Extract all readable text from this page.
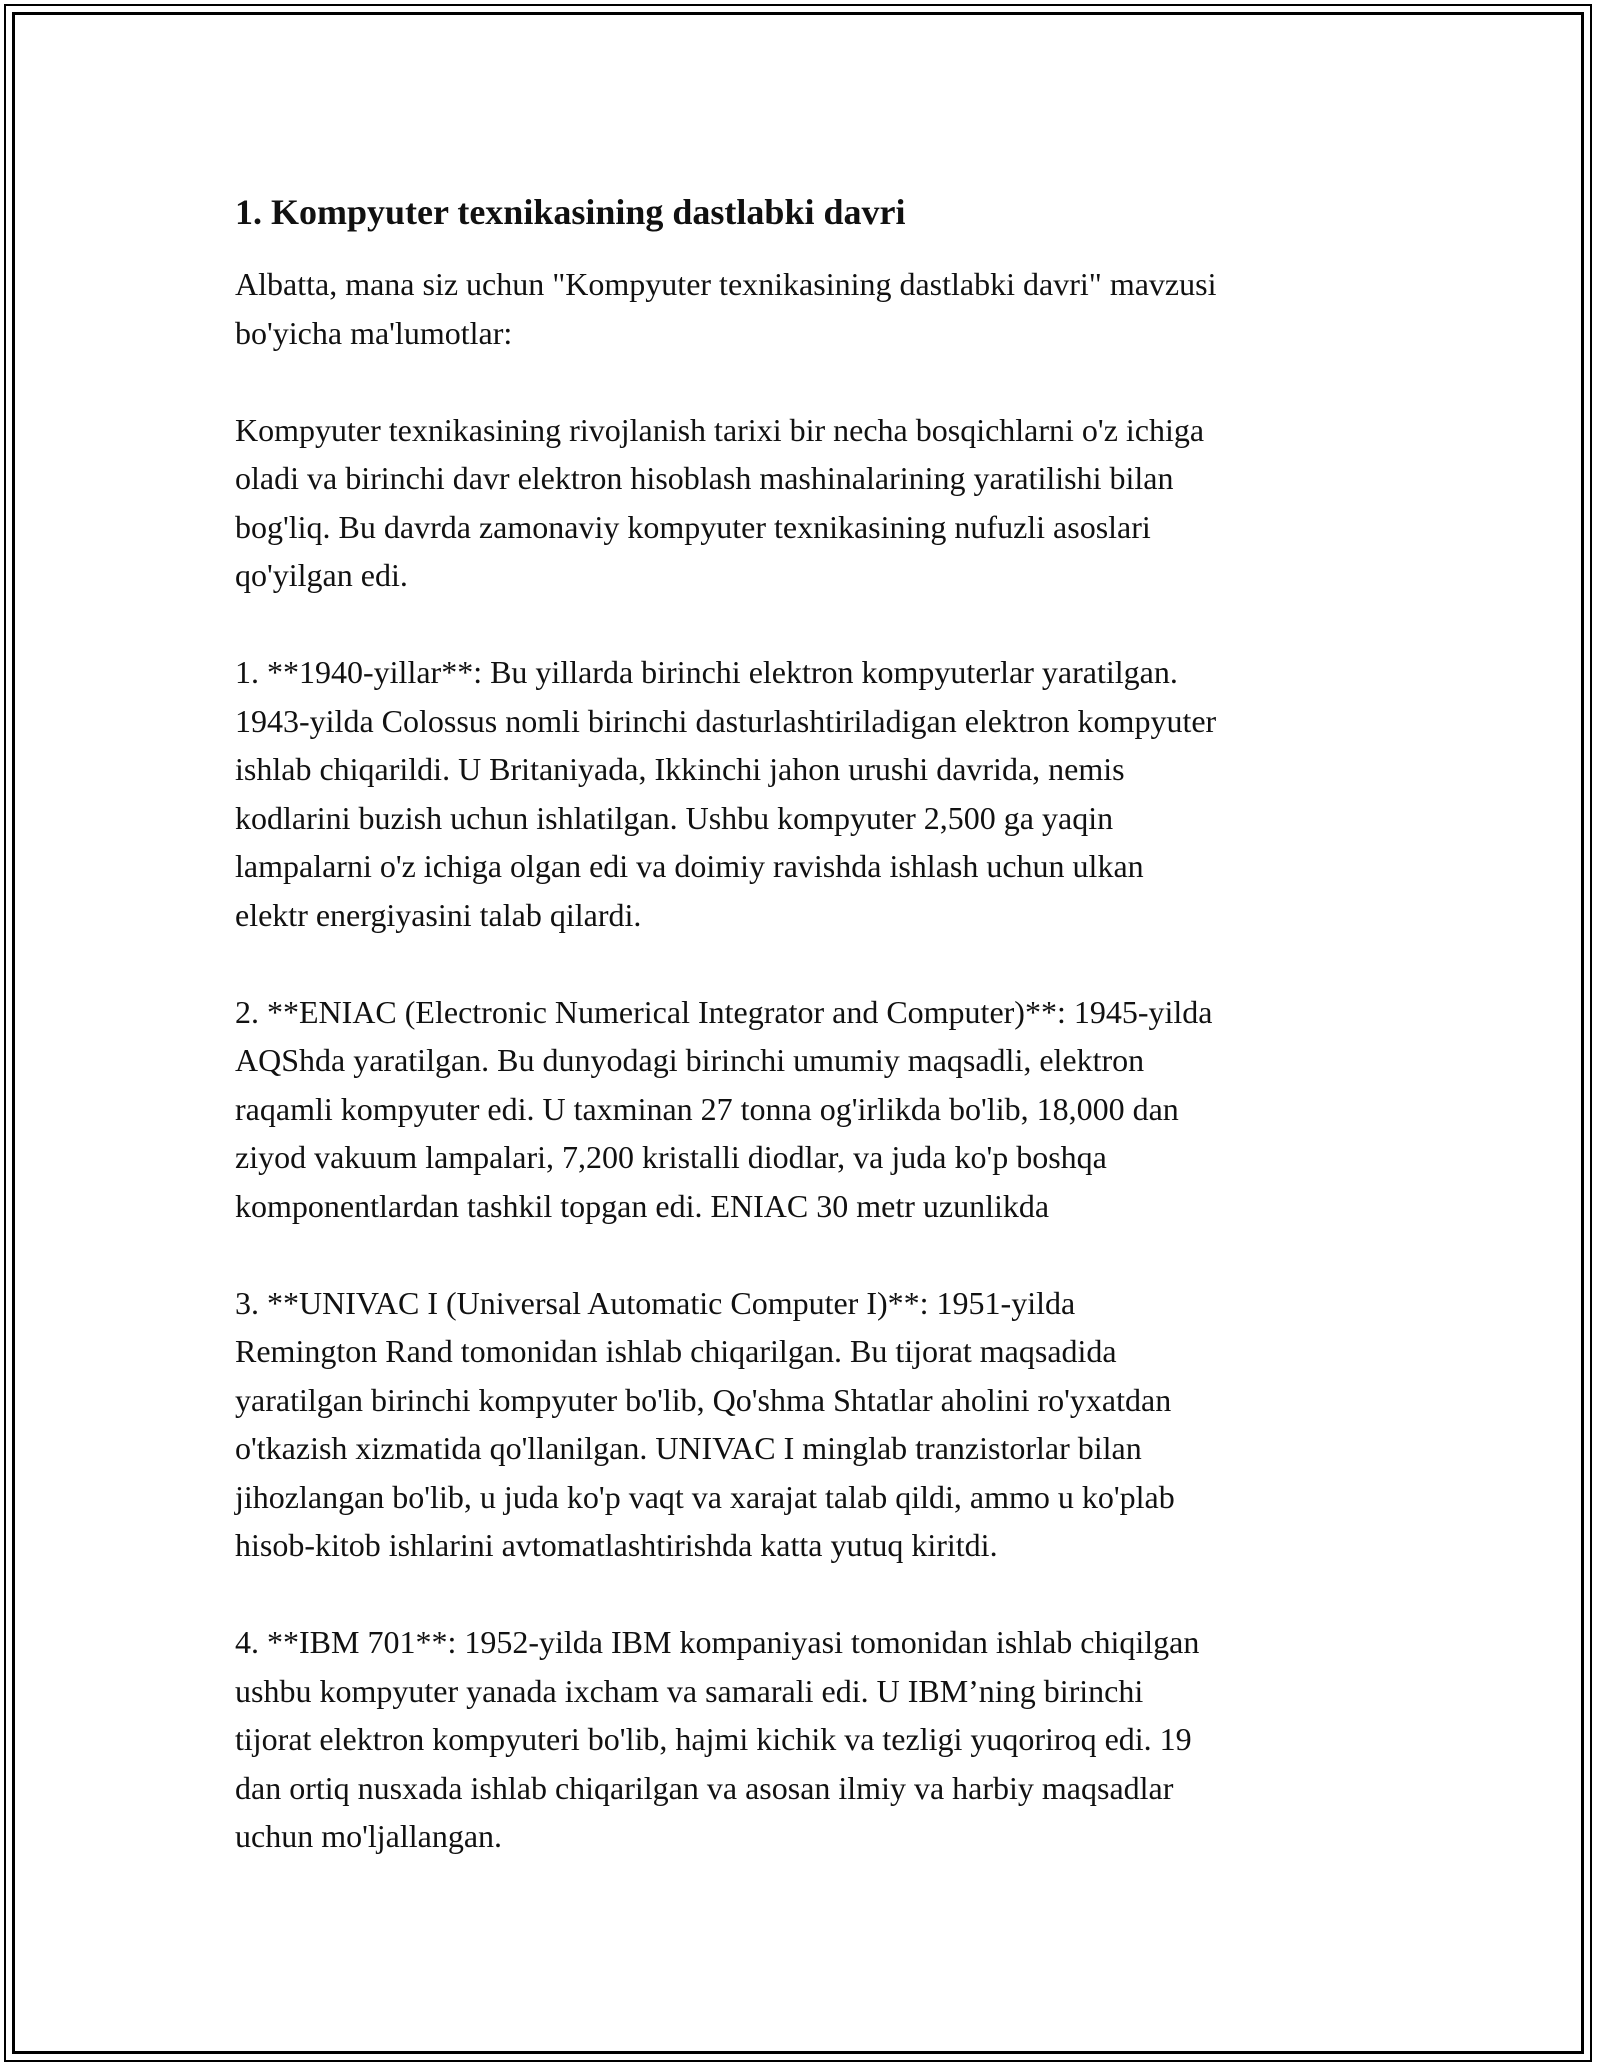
1. Kompyuter texnikasining dastlabki davri
Albatta, mana siz uchun "Kompyuter texnikasining dastlabki davri" mavzusi
bo'yicha ma'lumotlar:
Kompyuter texnikasining rivojlanish tarixi bir necha bosqichlarni o'z ichiga
oladi va birinchi davr elektron hisoblash mashinalarining yaratilishi bilan
bog'liq. Bu davrda zamonaviy kompyuter texnikasining nufuzli asoslari
qo'yilgan edi.
1. **1940-yillar**: Bu yillarda birinchi elektron kompyuterlar yaratilgan.
1943-yilda Colossus nomli birinchi dasturlashtiriladigan elektron kompyuter
ishlab chiqarildi. U Britaniyada, Ikkinchi jahon urushi davrida, nemis
kodlarini buzish uchun ishlatilgan. Ushbu kompyuter 2,500 ga yaqin
lampalarni o'z ichiga olgan edi va doimiy ravishda ishlash uchun ulkan
elektr energiyasini talab qilardi.
2. **ENIAC (Electronic Numerical Integrator and Computer)**: 1945-yilda
AQShda yaratilgan. Bu dunyodagi birinchi umumiy maqsadli, elektron
raqamli kompyuter edi. U taxminan 27 tonna og'irlikda bo'lib, 18,000 dan
ziyod vakuum lampalari, 7,200 kristalli diodlar, va juda ko'p boshqa
komponentlardan tashkil topgan edi. ENIAC 30 metr uzunlikda
3. **UNIVAC I (Universal Automatic Computer I)**: 1951-yilda
Remington Rand tomonidan ishlab chiqarilgan. Bu tijorat maqsadida
yaratilgan birinchi kompyuter bo'lib, Qo'shma Shtatlar aholini ro'yxatdan
o'tkazish xizmatida qo'llanilgan. UNIVAC I minglab tranzistorlar bilan
jihozlangan bo'lib, u juda ko'p vaqt va xarajat talab qildi, ammo u ko'plab
hisob-kitob ishlarini avtomatlashtirishda katta yutuq kiritdi.
4. **IBM 701**: 1952-yilda IBM kompaniyasi tomonidan ishlab chiqilgan
ushbu kompyuter yanada ixcham va samarali edi. U IBM’ning birinchi
tijorat elektron kompyuteri bo'lib, hajmi kichik va tezligi yuqoriroq edi. 19
dan ortiq nusxada ishlab chiqarilgan va asosan ilmiy va harbiy maqsadlar
uchun mo'ljallangan.
